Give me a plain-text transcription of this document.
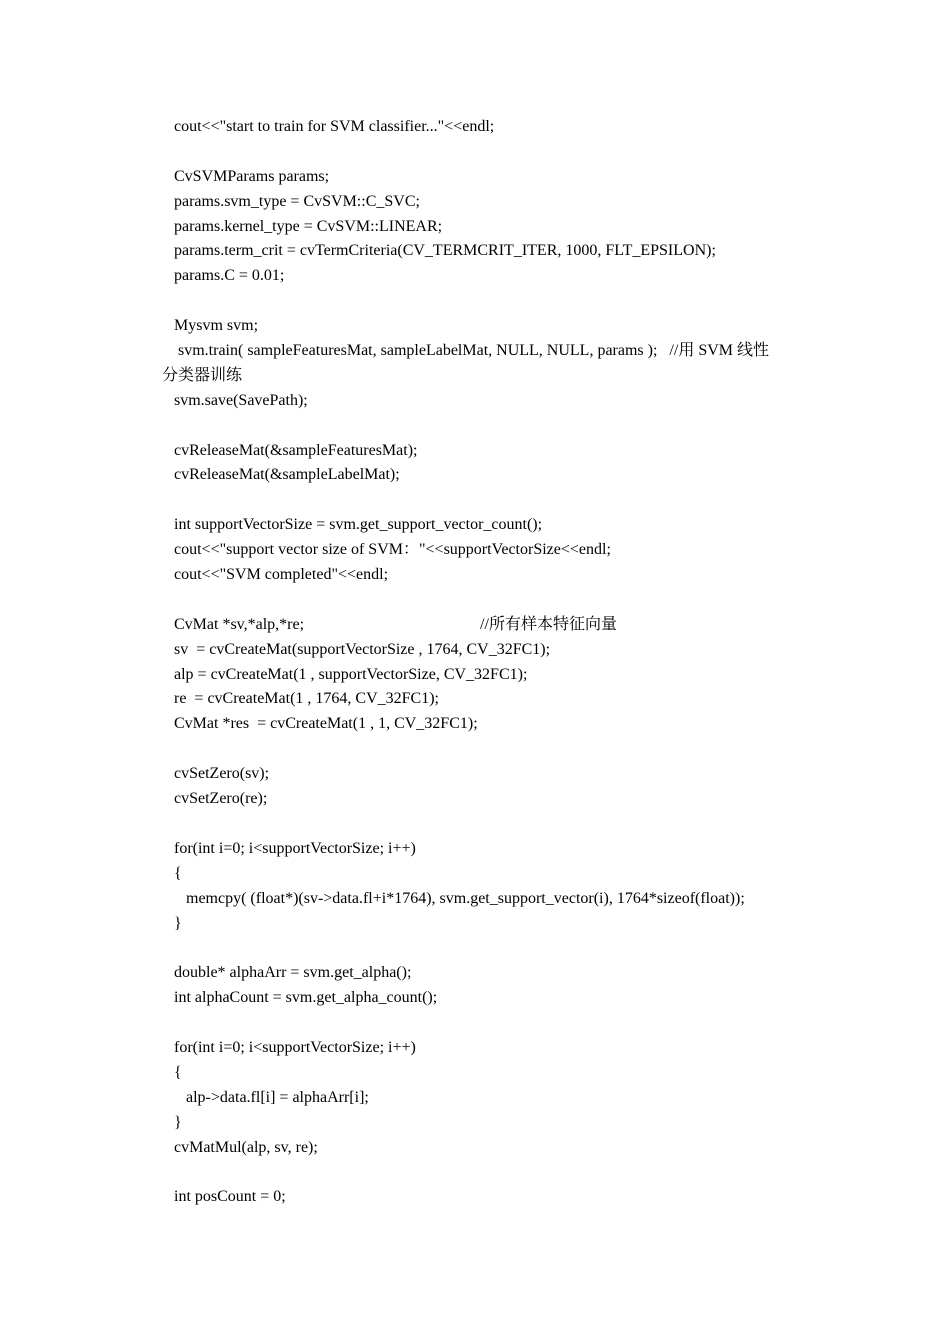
cout<<"start to train for SVM classifier..."<<endl;
CvSVMParams params;
params.svm_type = CvSVM::C_SVC;
params.kernel_type = CvSVM::LINEAR;
params.term_crit = cvTermCriteria(CV_TERMCRIT_ITER, 1000, FLT_EPSILON);
params.C = 0.01;
Mysvm svm;
svm.train( sampleFeaturesMat, sampleLabelMat, NULL, NULL, params );   //用 SVM 线性
分类器训练
svm.save(SavePath);
cvReleaseMat(&sampleFeaturesMat);
cvReleaseMat(&sampleLabelMat);
int supportVectorSize = svm.get_support_vector_count();
cout<<"support vector size of SVM："<<supportVectorSize<<endl;
cout<<"SVM completed"<<endl;
CvMat *sv,*alp,*re;                                            //所有样本特征向量
sv  = cvCreateMat(supportVectorSize , 1764, CV_32FC1);
alp = cvCreateMat(1 , supportVectorSize, CV_32FC1);
re  = cvCreateMat(1 , 1764, CV_32FC1);
CvMat *res  = cvCreateMat(1 , 1, CV_32FC1);
cvSetZero(sv);
cvSetZero(re);
for(int i=0; i<supportVectorSize; i++)
{
memcpy( (float*)(sv->data.fl+i*1764), svm.get_support_vector(i), 1764*sizeof(float));
}
double* alphaArr = svm.get_alpha();
int alphaCount = svm.get_alpha_count();
for(int i=0; i<supportVectorSize; i++)
{
alp->data.fl[i] = alphaArr[i];
}
cvMatMul(alp, sv, re);
int posCount = 0;
